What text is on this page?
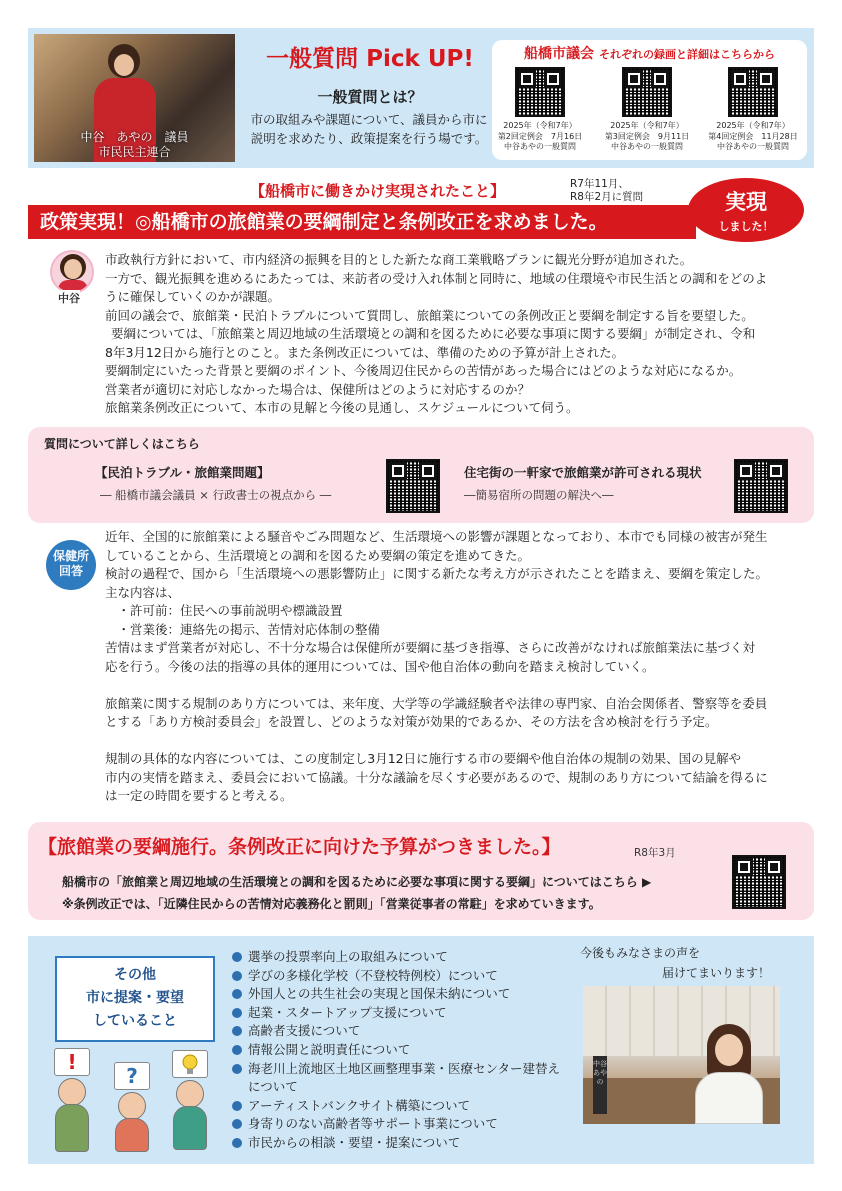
中谷　あやの　議員
市民民主連合
一般質問 Pick UP!
一般質問とは？
市の取組みや課題について、議員から市に
説明を求めたり、政策提案を行う場です。
船橋市議会 それぞれの録画と詳細はこちらから
2025年（令和7年）
第2回定例会　7月16日
中谷あやの一般質問
2025年（令和7年）
第3回定例会　9月11日
中谷あやの一般質問
2025年（令和7年）
第4回定例会　11月28日
中谷あやの一般質問
【船橋市に働きかけ実現されたこと】	R7年11月、
R8年2月に質問
政策実現！◎船橋市の旅館業の要綱制定と条例改正を求めました。
実現
しました！
中谷

市政執行方針において、市内経済の振興を目的とした新たな商工業戦略プランに観光分野が追加された。

一方で、観光振興を進めるにあたっては、来訪者の受け入れ体制と同時に、地域の住環境や市民生活との調和をどのよ

うに確保していくのかが課題。

前回の議会で、旅館業・民泊トラブルについて質問し、旅館業についての条例改正と要綱を制定する旨を要望した。

要綱については、「旅館業と周辺地域の生活環境との調和を図るために必要な事項に関する要綱」が制定され、令和

8年3月12日から施行とのこと。また条例改正については、準備のための予算が計上された。

要綱制定にいたった背景と要綱のポイント、今後周辺住民からの苦情があった場合にはどのような対応になるか。

営業者が適切に対応しなかった場合は、保健所はどのように対応するのか？

旅館業条例改正について、本市の見解と今後の見通し、スケジュールについて伺う。

質問について詳しくはこちら
【民泊トラブル・旅館業問題】
― 船橋市議会議員 × 行政書士の視点から ―
住宅街の一軒家で旅館業が許可される現状
―簡易宿所の問題の解決へ―
保健所
回答

近年、全国的に旅館業による騒音やごみ問題など、生活環境への影響が課題となっており、本市でも同様の被害が発生

していることから、生活環境との調和を図るため要綱の策定を進めてきた。

検討の過程で、国から「生活環境への悪影響防止」に関する新たな考え方が示されたことを踏まえ、要綱を策定した。

主な内容は、

　・許可前：住民への事前説明や標識設置

　・営業後：連絡先の掲示、苦情対応体制の整備

苦情はまず営業者が対応し、不十分な場合は保健所が要綱に基づき指導、さらに改善がなければ旅館業法に基づく対

応を行う。今後の法的指導の具体的運用については、国や他自治体の動向を踏まえ検討していく。

旅館業に関する規制のあり方については、来年度、大学等の学識経験者や法律の専門家、自治会関係者、警察等を委員

とする「あり方検討委員会」を設置し、どのような対策が効果的であるか、その方法を含め検討を行う予定。

規制の具体的な内容については、この度制定し3月12日に施行する市の要綱や他自治体の規制の効果、国の見解や

市内の実情を踏まえ、委員会において協議。十分な議論を尽くす必要があるので、規制のあり方について結論を得るに

は一定の時間を要すると考える。

【旅館業の要綱施行。条例改正に向けた予算がつきました。】	R8年3月
船橋市の「旅館業と周辺地域の生活環境との調和を図るために必要な事項に関する要綱」についてはこちら ▶
※条例改正では、「近隣住民からの苦情対応義務化と罰則」「営業従事者の常駐」を求めていきます。
その他
市に提案・要望
していること
!
?
選挙の投票率向上の取組みについて
学びの多様化学校（不登校特例校）について
外国人との共生社会の実現と国保未納について
起業・スタートアップ支援について
高齢者支援について
情報公開と説明責任について
海老川上流地区土地区画整理事業・医療センター建替え
について
アーティストバンクサイト構築について
身寄りのない高齢者等サポート事業について
市民からの相談・要望・提案について
今後もみなさまの声を
届けてまいります！
中谷あやの
